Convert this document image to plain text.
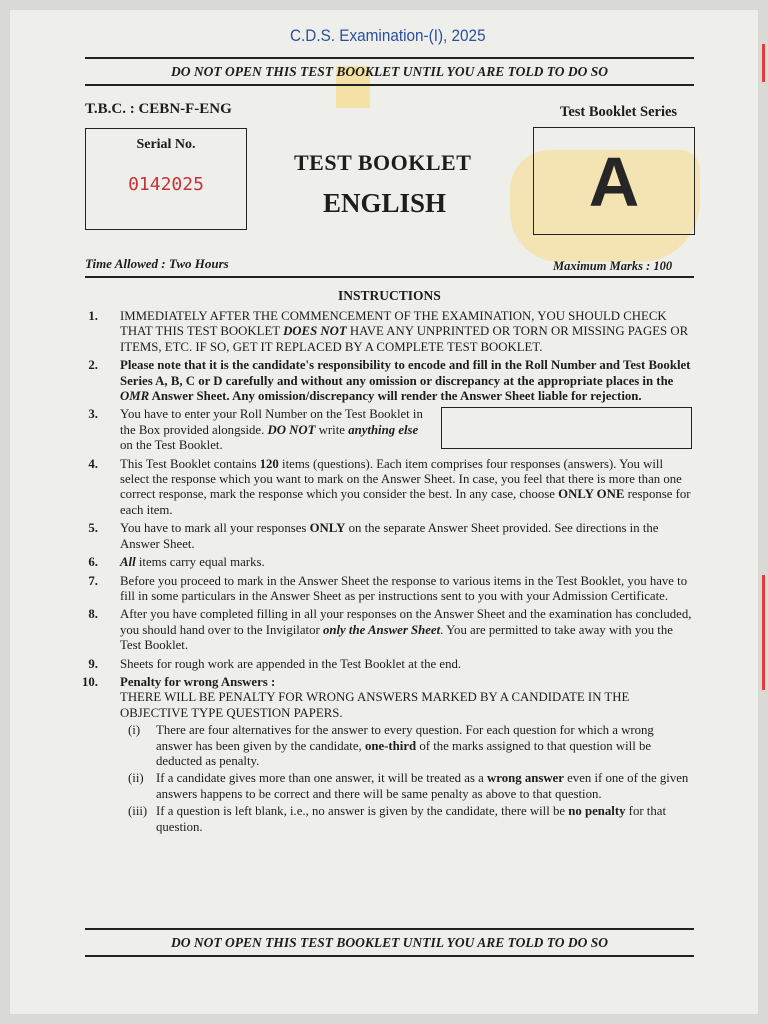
C.D.S. Examination-(I), 2025
DO NOT OPEN THIS TEST BOOKLET UNTIL YOU ARE TOLD TO DO SO
T.B.C. : CEBN-F-ENG	Test Booklet Series
Serial No.
0142025
TEST BOOKLET
ENGLISH	A
Time Allowed : Two Hours	Maximum Marks : 100
INSTRUCTIONS
1. IMMEDIATELY AFTER THE COMMENCEMENT OF THE EXAMINATION, YOU SHOULD CHECK THAT THIS TEST BOOKLET DOES NOT HAVE ANY UNPRINTED OR TORN OR MISSING PAGES OR ITEMS, ETC. IF SO, GET IT REPLACED BY A COMPLETE TEST BOOKLET.
2. Please note that it is the candidate's responsibility to encode and fill in the Roll Number and Test Booklet Series A, B, C or D carefully and without any omission or discrepancy at the appropriate places in the OMR Answer Sheet. Any omission/discrepancy will render the Answer Sheet liable for rejection.
3. You have to enter your Roll Number on the Test Booklet in the Box provided alongside. DO NOT write anything else on the Test Booklet.
4. This Test Booklet contains 120 items (questions). Each item comprises four responses (answers). You will select the response which you want to mark on the Answer Sheet. In case, you feel that there is more than one correct response, mark the response which you consider the best. In any case, choose ONLY ONE response for each item.
5. You have to mark all your responses ONLY on the separate Answer Sheet provided. See directions in the Answer Sheet.
6. All items carry equal marks.
7. Before you proceed to mark in the Answer Sheet the response to various items in the Test Booklet, you have to fill in some particulars in the Answer Sheet as per instructions sent to you with your Admission Certificate.
8. After you have completed filling in all your responses on the Answer Sheet and the examination has concluded, you should hand over to the Invigilator only the Answer Sheet. You are permitted to take away with you the Test Booklet.
9. Sheets for rough work are appended in the Test Booklet at the end.
10. Penalty for wrong Answers :
THERE WILL BE PENALTY FOR WRONG ANSWERS MARKED BY A CANDIDATE IN THE OBJECTIVE TYPE QUESTION PAPERS.
(i) There are four alternatives for the answer to every question. For each question for which a wrong answer has been given by the candidate, one-third of the marks assigned to that question will be deducted as penalty.
(ii) If a candidate gives more than one answer, it will be treated as a wrong answer even if one of the given answers happens to be correct and there will be same penalty as above to that question.
(iii) If a question is left blank, i.e., no answer is given by the candidate, there will be no penalty for that question.
DO NOT OPEN THIS TEST BOOKLET UNTIL YOU ARE TOLD TO DO SO
